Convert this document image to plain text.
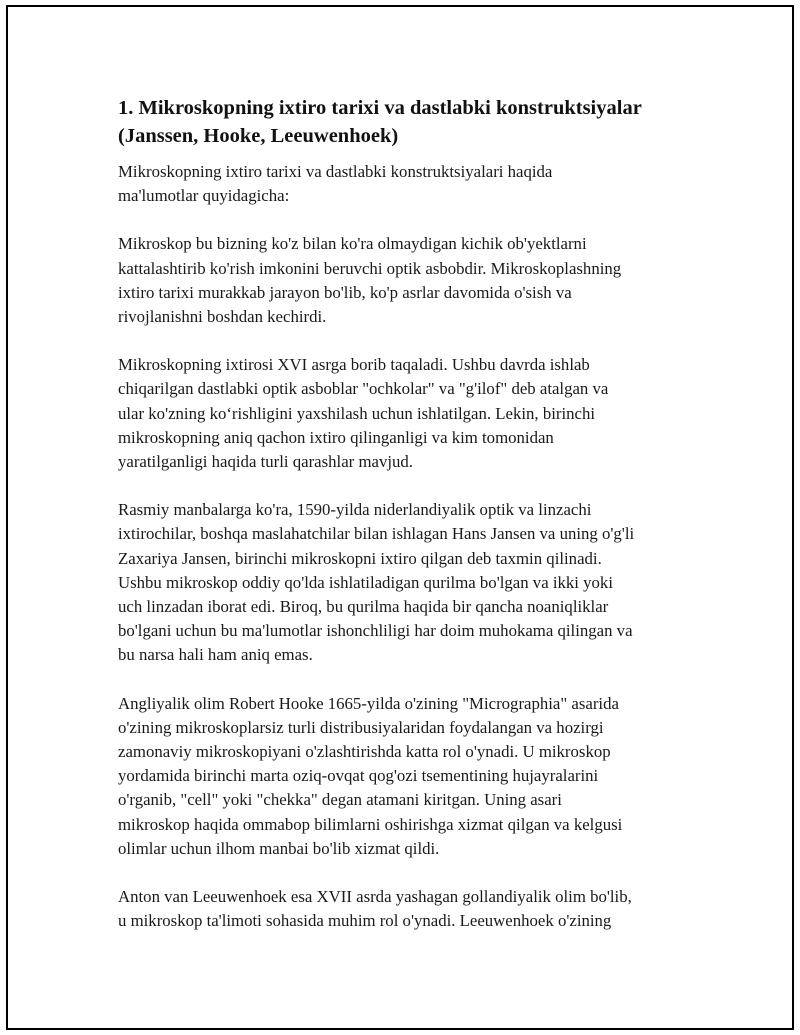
1. Mikroskopning ixtiro tarixi va dastlabki konstruktsiyalar
(Janssen, Hooke, Leeuwenhoek)

Mikroskopning ixtiro tarixi va dastlabki konstruktsiyalari haqida
ma'lumotlar quyidagicha:

Mikroskop bu bizning ko'z bilan ko'ra olmaydigan kichik ob'yektlarni
kattalashtirib ko'rish imkonini beruvchi optik asbobdir. Mikroskoplashning
ixtiro tarixi murakkab jarayon bo'lib, ko'p asrlar davomida o'sish va
rivojlanishni boshdan kechirdi.

Mikroskopning ixtirosi XVI asrga borib taqaladi. Ushbu davrda ishlab
chiqarilgan dastlabki optik asboblar "ochkolar" va "g'ilof" deb atalgan va
ular ko'zning ko‘rishligini yaxshilash uchun ishlatilgan. Lekin, birinchi
mikroskopning aniq qachon ixtiro qilinganligi va kim tomonidan
yaratilganligi haqida turli qarashlar mavjud.

Rasmiy manbalarga ko'ra, 1590-yilda niderlandiyalik optik va linzachi
ixtirochilar, boshqa maslahatchilar bilan ishlagan Hans Jansen va uning o'g'li
Zaxariya Jansen, birinchi mikroskopni ixtiro qilgan deb taxmin qilinadi.
Ushbu mikroskop oddiy qo'lda ishlatiladigan qurilma bo'lgan va ikki yoki
uch linzadan iborat edi. Biroq, bu qurilma haqida bir qancha noaniqliklar
bo'lgani uchun bu ma'lumotlar ishonchliligi har doim muhokama qilingan va
bu narsa hali ham aniq emas.

Angliyalik olim Robert Hooke 1665-yilda o'zining "Micrographia" asarida
o'zining mikroskoplarsiz turli distribusiyalaridan foydalangan va hozirgi
zamonaviy mikroskopiyani o'zlashtirishda katta rol o'ynadi. U mikroskop
yordamida birinchi marta oziq-ovqat qog'ozi tsementining hujayralarini
o'rganib, "cell" yoki "chekka" degan atamani kiritgan. Uning asari
mikroskop haqida ommabop bilimlarni oshirishga xizmat qilgan va kelgusi
olimlar uchun ilhom manbai bo'lib xizmat qildi.

Anton van Leeuwenhoek esa XVII asrda yashagan gollandiyalik olim bo'lib,
u mikroskop ta'limoti sohasida muhim rol o'ynadi. Leeuwenhoek o'zining
